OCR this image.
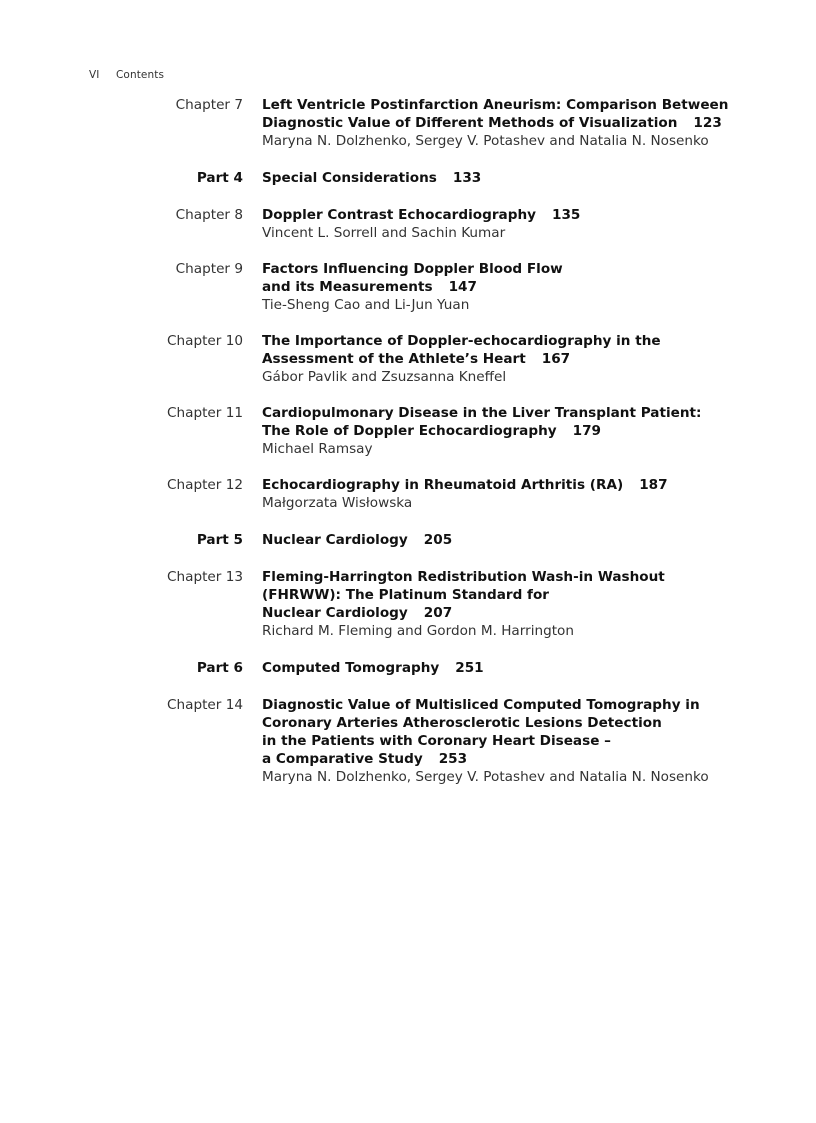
VI Contents
Chapter 7 Left Ventricle Postinfarction Aneurism: Comparison Between
Diagnostic Value of Different Methods of Visualization 123
Maryna N. Dolzhenko, Sergey V. Potashev and Natalia N. Nosenko
Part 4 Special Considerations 133
Chapter 8 Doppler Contrast Echocardiography 135
Vincent L. Sorrell and Sachin Kumar
Chapter 9 Factors Influencing Doppler Blood Flow
and its Measurements 147
Tie-Sheng Cao and Li-Jun Yuan
Chapter 10 The Importance of Doppler-echocardiography in the
Assessment of the Athlete’s Heart 167
Gábor Pavlik and Zsuzsanna Kneffel
Chapter 11 Cardiopulmonary Disease in the Liver Transplant Patient:
The Role of Doppler Echocardiography 179
Michael Ramsay
Chapter 12 Echocardiography in Rheumatoid Arthritis (RA) 187
Małgorzata Wisłowska
Part 5 Nuclear Cardiology 205
Chapter 13 Fleming-Harrington Redistribution Wash-in Washout
(FHRWW): The Platinum Standard for
Nuclear Cardiology 207
Richard M. Fleming and Gordon M. Harrington
Part 6 Computed Tomography 251
Chapter 14 Diagnostic Value of Multisliced Computed Tomography in
Coronary Arteries Atherosclerotic Lesions Detection
in the Patients with Coronary Heart Disease –
a Comparative Study 253
Maryna N. Dolzhenko, Sergey V. Potashev and Natalia N. Nosenko
